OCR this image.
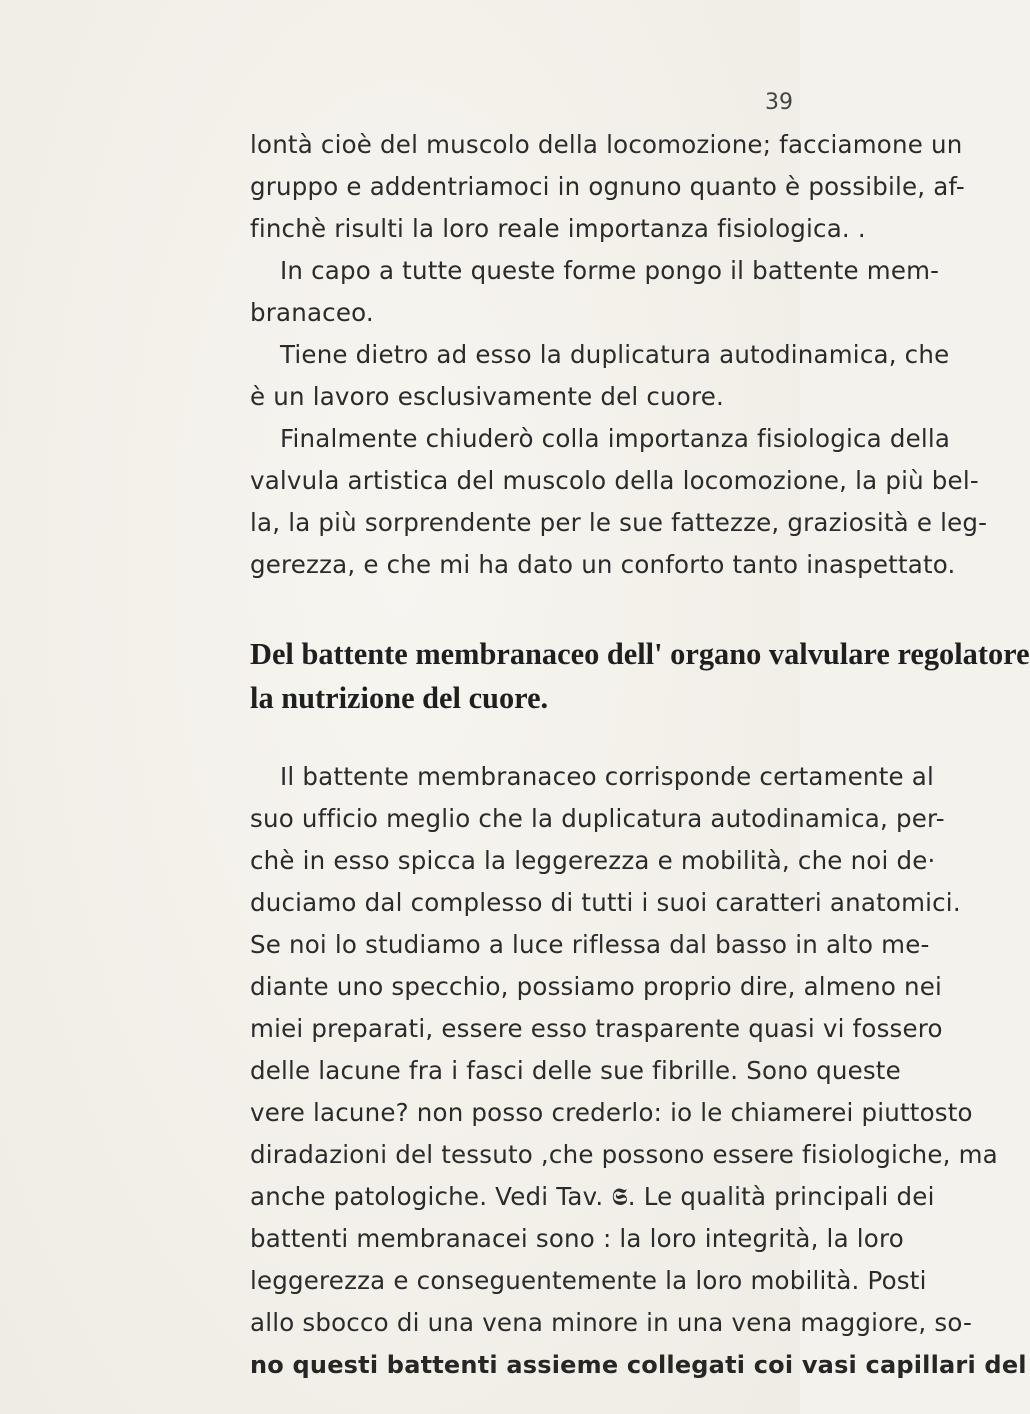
39
lontà cioè del muscolo della locomozione; facciamone un
gruppo e addentriamoci in ognuno quanto è possibile, af-
finchè risulti la loro reale importanza fisiologica. .
In capo a tutte queste forme pongo il battente mem-
branaceo.
Tiene dietro ad esso la duplicatura autodinamica, che
è un lavoro esclusivamente del cuore.
Finalmente chiuderò colla importanza fisiologica della
valvula artistica del muscolo della locomozione, la più bel-
la, la più sorprendente per le sue fattezze, graziosità e leg-
gerezza, e che mi ha dato un conforto tanto inaspettato.
Del battente membranaceo dell' organo valvulare regolatore
la nutrizione del cuore.
Il battente membranaceo corrisponde certamente al
suo ufficio meglio che la duplicatura autodinamica, per-
chè in esso spicca la leggerezza e mobilità, che noi de·
duciamo dal complesso di tutti i suoi caratteri anatomici.
Se noi lo studiamo a luce riflessa dal basso in alto me-
diante uno specchio, possiamo proprio dire, almeno nei
miei preparati, essere esso trasparente quasi vi fossero
delle lacune fra i fasci delle sue fibrille. Sono queste
vere lacune? non posso crederlo: io le chiamerei piuttosto
diradazioni del tessuto ,che possono essere fisiologiche, ma
anche patologiche. Vedi Tav. 𝕾. Le qualità principali dei
battenti membranacei sono : la loro integrità, la loro
leggerezza e conseguentemente la loro mobilità. Posti
allo sbocco di una vena minore in una vena maggiore, so-
no questi battenti assieme collegati coi vasi capillari del
